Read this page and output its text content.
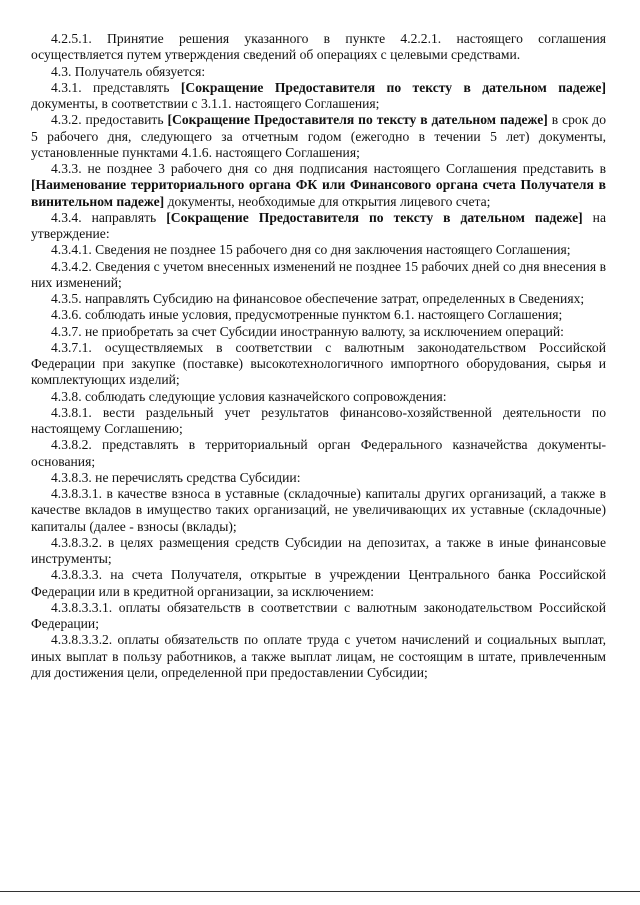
4.2.5.1. Принятие решения указанного в пункте 4.2.2.1. настоящего соглашения осуществляется путем утверждения сведений об операциях с целевыми средствами.

4.3. Получатель обязуется:

4.3.1. представлять [Сокращение Предоставителя по тексту в дательном падеже] документы, в соответствии с 3.1.1. настоящего Соглашения;

4.3.2. предоставить [Сокращение Предоставителя по тексту в дательном падеже] в срок до 5 рабочего дня, следующего за отчетным годом (ежегодно в течении 5 лет) документы, установленные пунктами 4.1.6. настоящего Соглашения;

4.3.3. не позднее 3 рабочего дня со дня подписания настоящего Соглашения представить в [Наименование территориального органа ФК или Финансового органа счета Получателя в винительном падеже] документы, необходимые для открытия лицевого счета;

4.3.4. направлять [Сокращение Предоставителя по тексту в дательном падеже] на утверждение:

4.3.4.1. Сведения не позднее 15 рабочего дня со дня заключения настоящего Соглашения;

4.3.4.2. Сведения с учетом внесенных изменений не позднее 15 рабочих дней со дня внесения в них изменений;

4.3.5. направлять Субсидию на финансовое обеспечение затрат, определенных в Сведениях;

4.3.6. соблюдать иные условия, предусмотренные пунктом 6.1. настоящего Соглашения;

4.3.7. не приобретать за счет Субсидии иностранную валюту, за исключением операций:

4.3.7.1. осуществляемых в соответствии с валютным законодательством Российской Федерации при закупке (поставке) высокотехнологичного импортного оборудования, сырья и комплектующих изделий;

4.3.8. соблюдать следующие условия казначейского сопровождения:

4.3.8.1. вести раздельный учет результатов финансово-хозяйственной деятельности по настоящему Соглашению;

4.3.8.2. представлять в территориальный орган Федерального казначейства документы-основания;

4.3.8.3. не перечислять средства Субсидии:

4.3.8.3.1. в качестве взноса в уставные (складочные) капиталы других организаций, а также в качестве вкладов в имущество таких организаций, не увеличивающих их уставные (складочные) капиталы (далее - взносы (вклады);

4.3.8.3.2. в целях размещения средств Субсидии на депозитах, а также в иные финансовые инструменты;

4.3.8.3.3. на счета Получателя, открытые в учреждении Центрального банка Российской Федерации или в кредитной организации, за исключением:

4.3.8.3.3.1. оплаты обязательств в соответствии с валютным законодательством Российской Федерации;

4.3.8.3.3.2. оплаты обязательств по оплате труда с учетом начислений и социальных выплат, иных выплат в пользу работников, а также выплат лицам, не состоящим в штате, привлеченным для достижения цели, определенной при предоставлении Субсидии;
